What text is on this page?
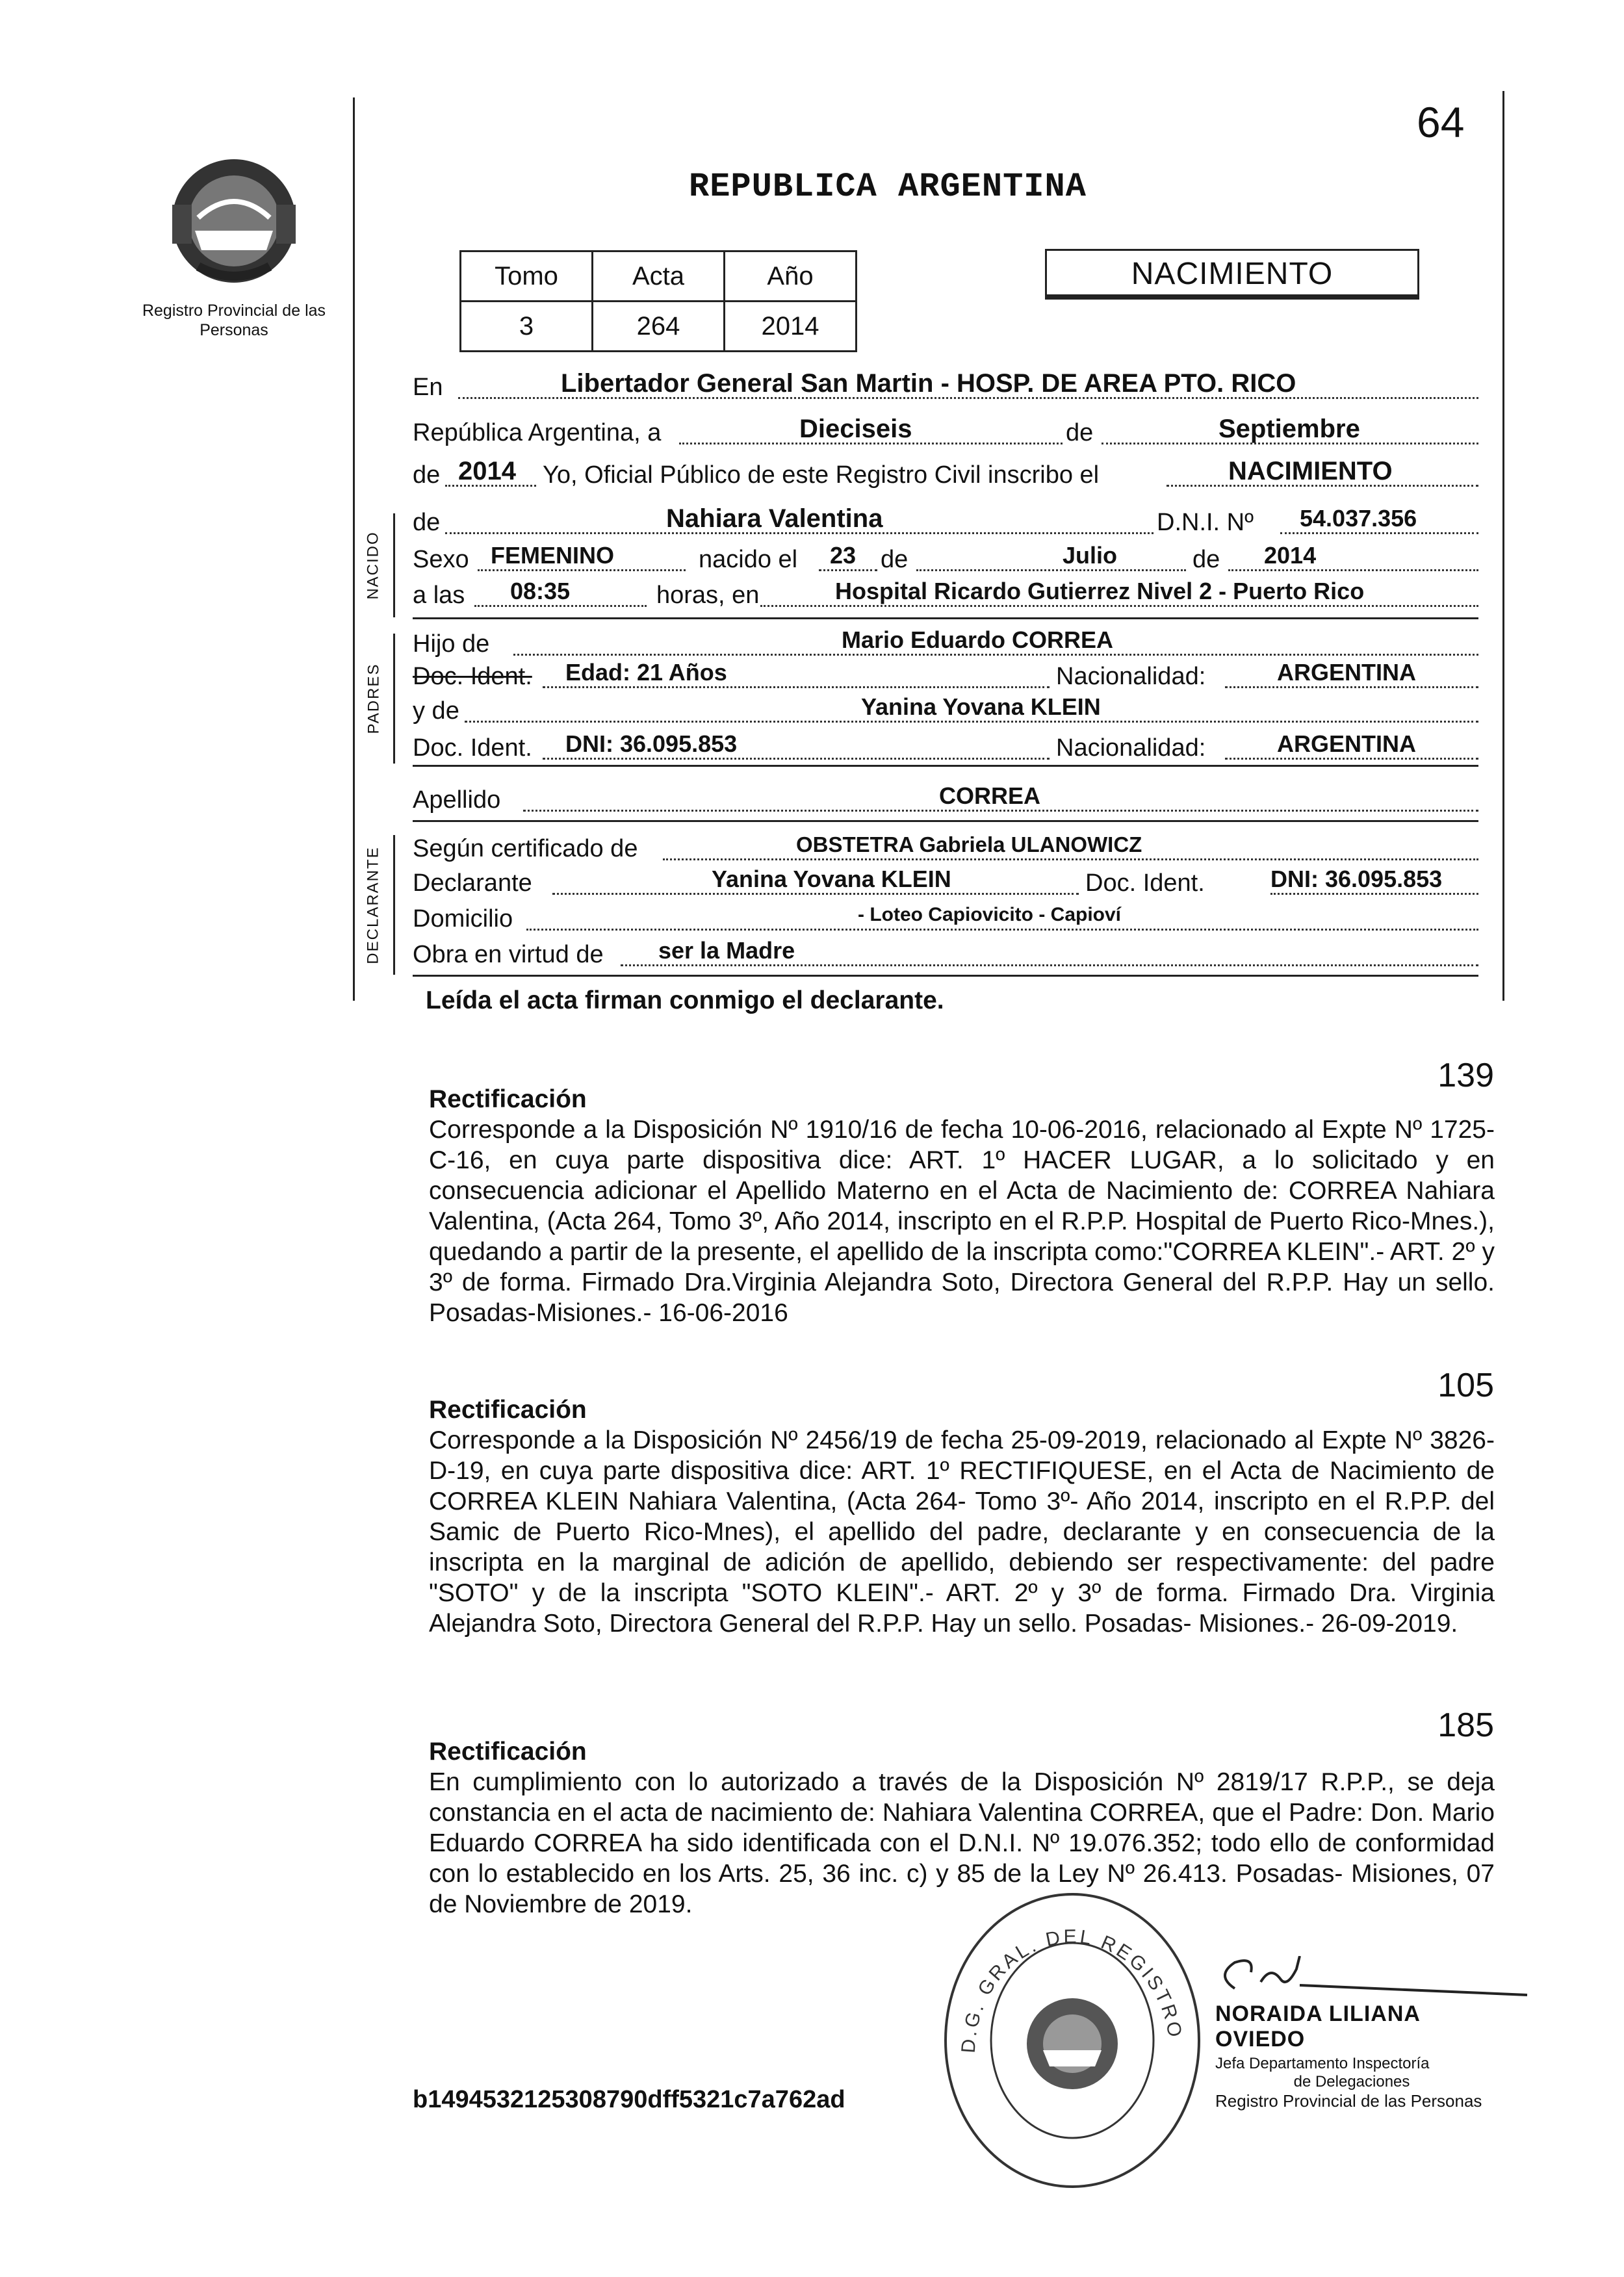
64
Registro Provincial de las Personas
REPUBLICA ARGENTINA
Tomo	Acta	Año
3	264	2014
NACIMIENTO
En	Libertador General San Martin - HOSP. DE AREA PTO. RICO
República Argentina, a	Dieciseis	de	Septiembre
de 2014 Yo, Oficial Público de este Registro Civil inscribo el	NACIMIENTO
NACIDO
de	Nahiara Valentina	D.N.I. Nº 54.037.356
Sexo FEMENINO	nacido el 23 de	Julio	de 2014
a las 08:35	horas, en	Hospital Ricardo Gutierrez Nivel 2 - Puerto Rico
PADRES
Hijo de	Mario Eduardo CORREA
Doc. Ident. Edad: 21 Años	Nacionalidad:	ARGENTINA
y de	Yanina Yovana KLEIN
Doc. Ident. DNI: 36.095.853	Nacionalidad:	ARGENTINA
Apellido	CORREA
DECLARANTE Según certificado de	OBSTETRA Gabriela ULANOWICZ
Declarante	Yanina Yovana KLEIN	Doc. Ident.	DNI: 36.095.853
Domicilio	- Loteo Capiovicito - Capioví
Obra en virtud de ser la Madre
Leída el acta firman conmigo el declarante.
139
Rectificación
Corresponde a la Disposición Nº 1910/16 de fecha 10-06-2016, relacionado al Expte Nº 1725-C-16, en cuya parte dispositiva dice: ART. 1º HACER LUGAR, a lo solicitado y en consecuencia adicionar el Apellido Materno en el Acta de Nacimiento de: CORREA Nahiara Valentina, (Acta 264, Tomo 3º, Año 2014, inscripto en el R.P.P. Hospital de Puerto Rico-Mnes.), quedando a partir de la presente, el apellido de la inscripta como:"CORREA KLEIN".- ART. 2º y 3º de forma. Firmado Dra.Virginia Alejandra Soto, Directora General del R.P.P. Hay un sello. Posadas-Misiones.- 16-06-2016
105
Rectificación
Corresponde a la Disposición Nº 2456/19 de fecha 25-09-2019, relacionado al Expte Nº 3826-D-19, en cuya parte dispositiva dice: ART. 1º RECTIFIQUESE, en el Acta de Nacimiento de CORREA KLEIN Nahiara Valentina, (Acta 264- Tomo 3º- Año 2014, inscripto en el R.P.P. del Samic de Puerto Rico-Mnes), el apellido del padre, declarante y en consecuencia de la inscripta en la marginal de adición de apellido, debiendo ser respectivamente: del padre "SOTO" y de la inscripta "SOTO KLEIN".- ART. 2º y 3º de forma. Firmado Dra. Virginia Alejandra Soto, Directora General del R.P.P. Hay un sello. Posadas- Misiones.- 26-09-2019.
185
Rectificación
En cumplimiento con lo autorizado a través de la Disposición Nº 2819/17 R.P.P., se deja constancia en el acta de nacimiento de: Nahiara Valentina CORREA, que el Padre: Don. Mario Eduardo CORREA ha sido identificada con el D.N.I. Nº 19.076.352; todo ello de conformidad con lo establecido en los Arts. 25, 36 inc. c) y 85 de la Ley Nº 26.413. Posadas- Misiones, 07 de Noviembre de 2019.
D.G. GRAL. DEL REGISTRO
NORAIDA LILIANA OVIEDO
Jefa Departamento Inspectoría
de Delegaciones
Registro Provincial de las Personas
b1494532125308790dff5321c7a762ad
